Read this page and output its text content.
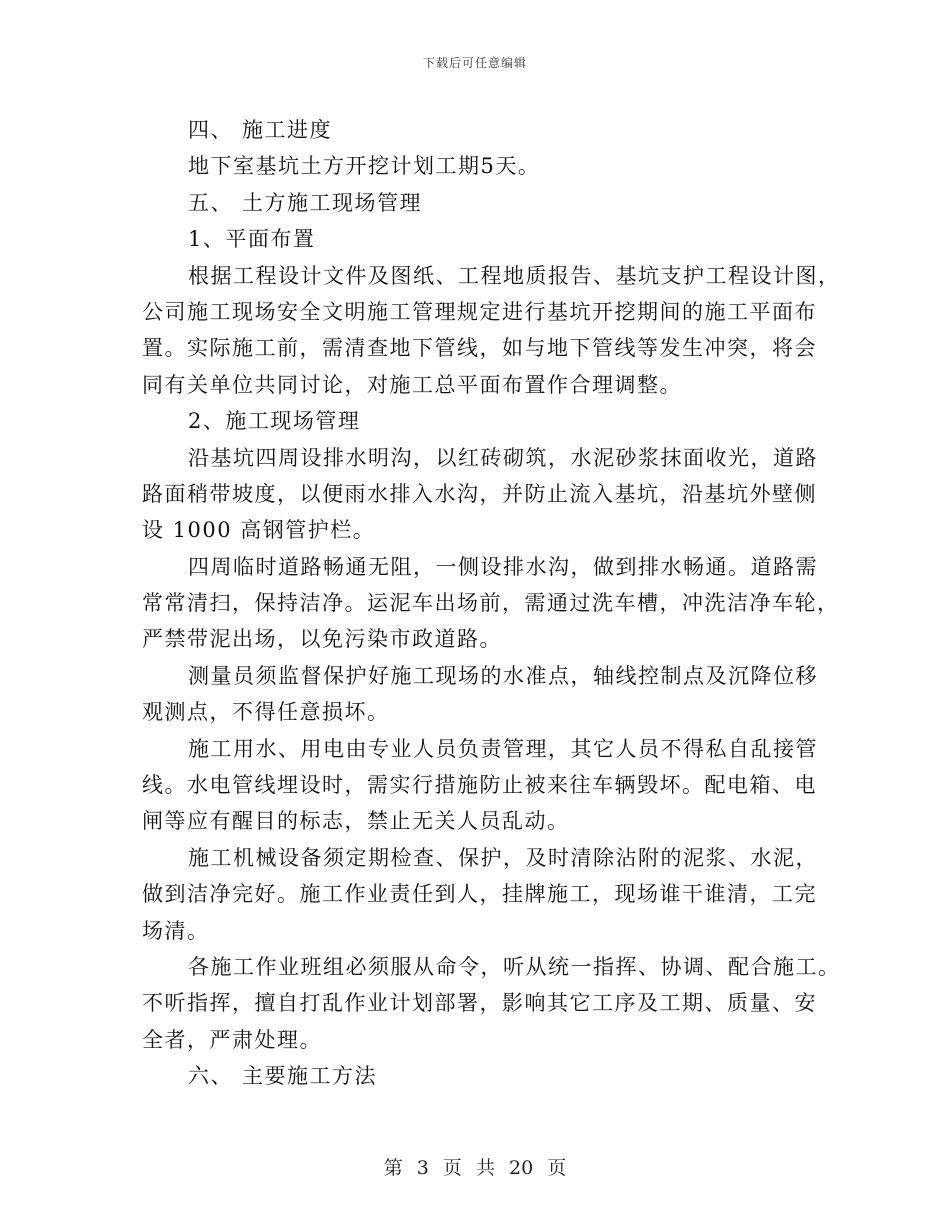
下载后可任意编辑
四、 施工进度
地下室基坑土方开挖计划工期5天。
五、 土方施工现场管理
1、平面布置
根据工程设计文件及图纸、工程地质报告、基坑支护工程设计图，
公司施工现场安全文明施工管理规定进行基坑开挖期间的施工平面布
置。实际施工前，需清查地下管线，如与地下管线等发生冲突，将会
同有关单位共同讨论，对施工总平面布置作合理调整。
2、施工现场管理
沿基坑四周设排水明沟，以红砖砌筑，水泥砂浆抹面收光，道路
路面稍带坡度，以便雨水排入水沟，并防止流入基坑，沿基坑外壁侧
设 1000 高钢管护栏。
四周临时道路畅通无阻，一侧设排水沟，做到排水畅通。道路需
常常清扫，保持洁净。运泥车出场前，需通过洗车槽，冲洗洁净车轮，
严禁带泥出场，以免污染市政道路。
测量员须监督保护好施工现场的水准点，轴线控制点及沉降位移
观测点，不得任意损坏。
施工用水、用电由专业人员负责管理，其它人员不得私自乱接管
线。水电管线埋设时，需实行措施防止被来往车辆毁坏。配电箱、电
闸等应有醒目的标志，禁止无关人员乱动。
施工机械设备须定期检查、保护，及时清除沾附的泥浆、水泥，
做到洁净完好。施工作业责任到人，挂牌施工，现场谁干谁清，工完
场清。
各施工作业班组必须服从命令，听从统一指挥、协调、配合施工。
不听指挥，擅自打乱作业计划部署，影响其它工序及工期、质量、安
全者，严肃处理。
六、 主要施工方法
第 3 页 共 20 页
